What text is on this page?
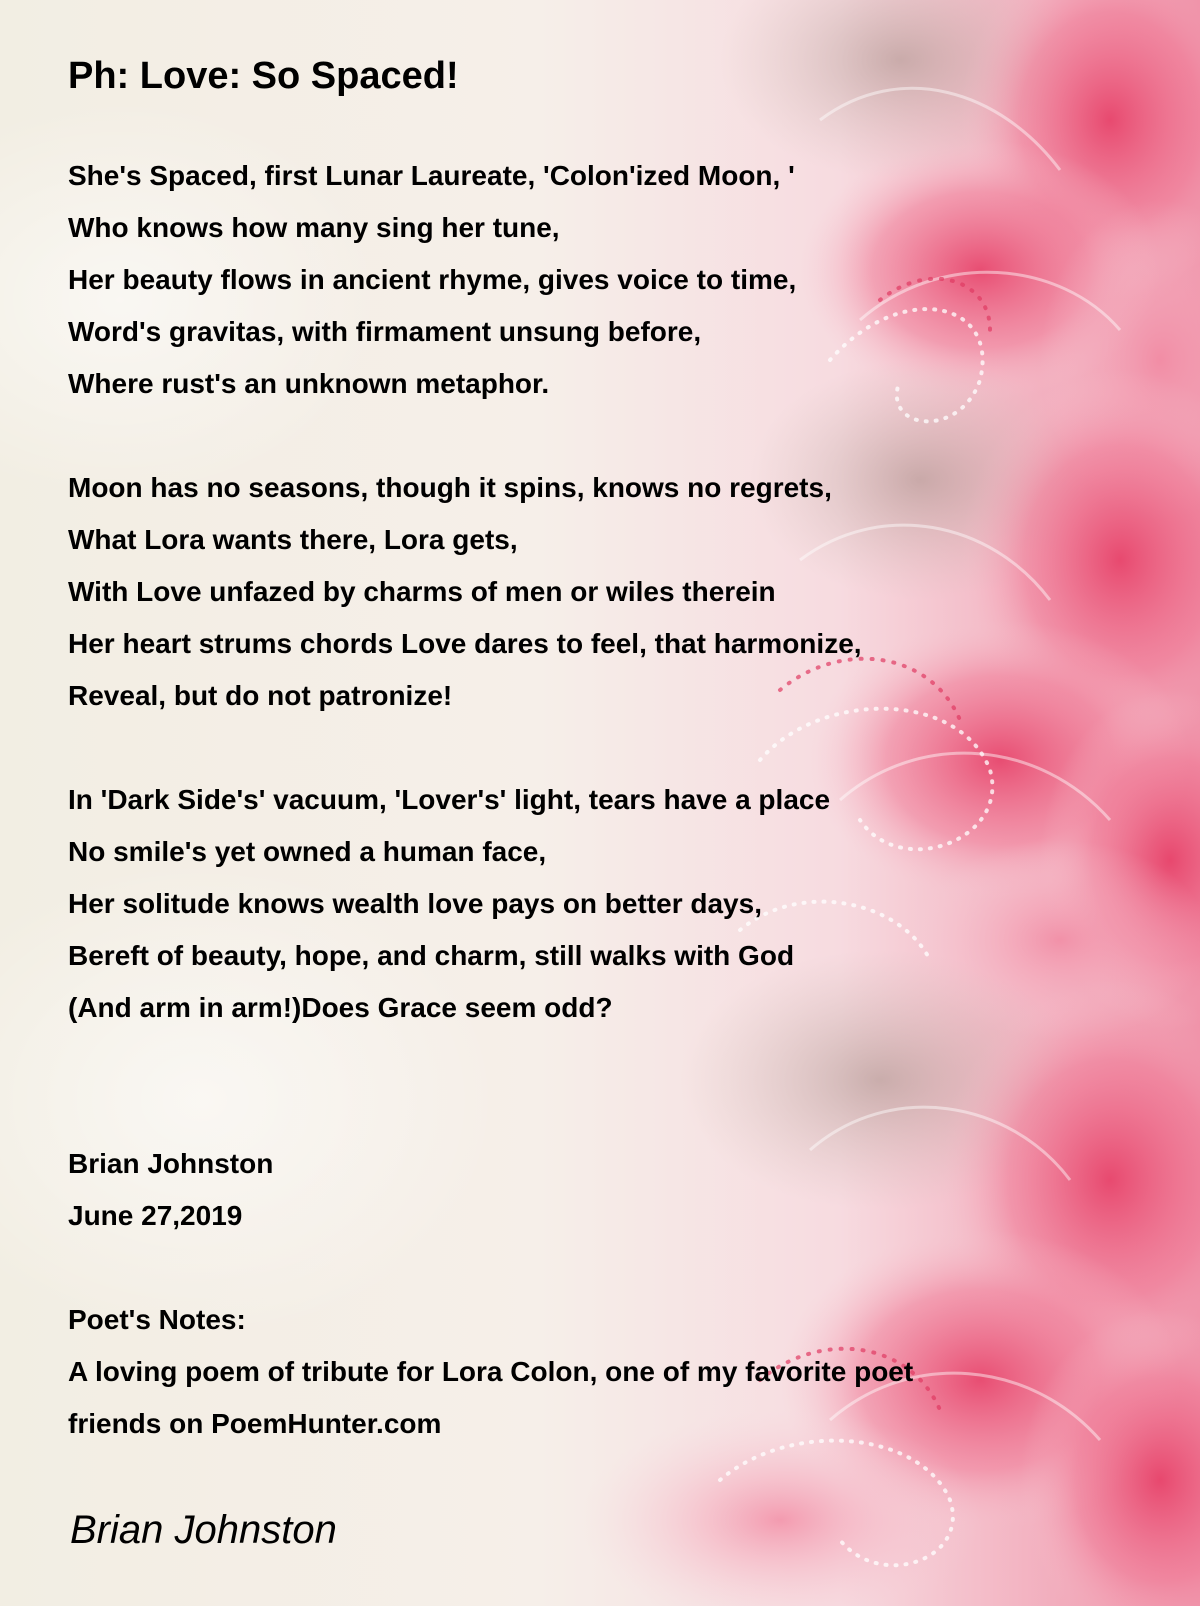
Ph: Love: So Spaced!
She's Spaced, first Lunar Laureate, 'Colon'ized Moon, '
Who knows how many sing her tune,
Her beauty flows in ancient rhyme, gives voice to time,
Word's gravitas, with firmament unsung before,
Where rust's an unknown metaphor.
Moon has no seasons, though it spins, knows no regrets,
What Lora wants there, Lora gets,
With Love unfazed by charms of men or wiles therein
Her heart strums chords Love dares to feel, that harmonize,
Reveal, but do not patronize!
In 'Dark Side's' vacuum, 'Lover's' light, tears have a place
No smile's yet owned a human face,
Her solitude knows wealth love pays on better days,
Bereft of beauty, hope, and charm, still walks with God
(And arm in arm!)Does Grace seem odd?
Brian Johnston
June 27,2019
Poet's Notes:
A loving poem of tribute for Lora Colon, one of my favorite poet
friends on PoemHunter.com
Brian Johnston
